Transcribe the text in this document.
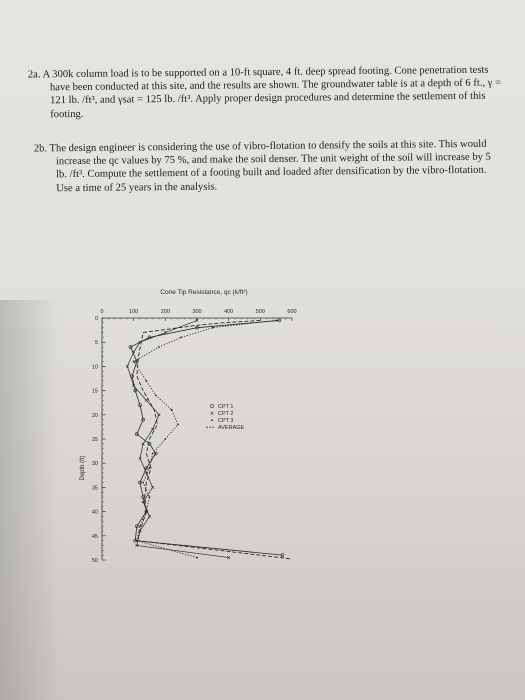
2a. A 300k column load is to be supported on a 10-ft square, 4 ft. deep spread footing. Cone penetration tests have been conducted at this site, and the results are shown. The groundwater table is at a depth of 6 ft., γ = 121 lb. /ft³, and γsat = 125 lb. /ft³. Apply proper design procedures and determine the settlement of this footing.

2b. The design engineer is considering the use of vibro-flotation to densify the soils at this site. This would increase the qc values by 75 %, and make the soil denser. The unit weight of the soil will increase by 5 lb. /ft³. Compute the settlement of a footing built and loaded after densification by the vibro-flotation. Use a time of 25 years in the analysis.

Cone Tip Resistance, qc (k/ft²)
Depth (ft)
0	100	200	300	400	500	600
0
5
10
15
20
25
30
35
40
45
50
CPT 1
CPT 2
CPT 3
AVERAGE
